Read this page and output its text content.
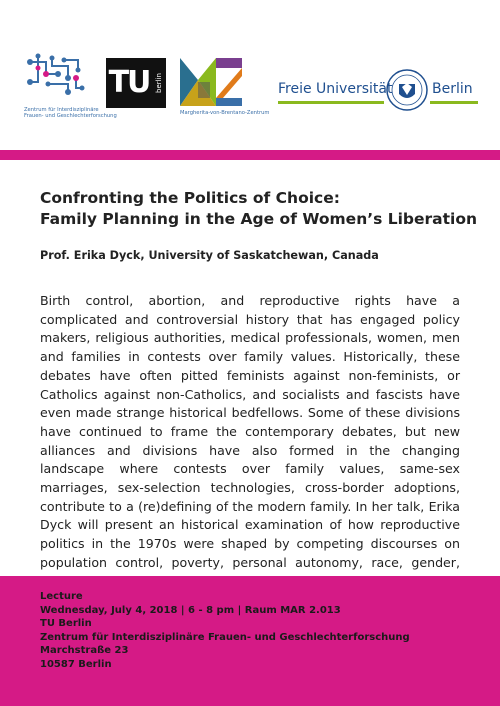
Zentrum für Interdisziplinäre
Frauen- und Geschlechterforschung
TU berlin
Margherita-von-Brentano-Zentrum
Freie Universität	Berlin
Confronting the Politics of Choice:
Family Planning in the Age of Women’s Liberation
Prof. Erika Dyck, University of Saskatchewan, Canada

Birth control, abortion, and reproductive rights have a complicated and controversial history that has engaged policy makers, religious authorities, medical professionals, women, men and families in contests over family values. Historically, these debates have often pitted feminists against non-feminists, or Catholics against non-Catholics, and socialists and fascists have even made strange historical bedfellows. Some of these divisions have continued to frame the contemporary debates, but new alliances and divisions have also formed in the changing landscape where contests over family values, same-sex marriages, sex-selection technologies, cross-border adoptions, contribute to a (re)defining of the modern family. In her talk, Erika Dyck will present an historical examination of how reproductive politics in the 1970s were shaped by competing discourses on population control, poverty, personal autonomy, race, gender,

Lecture
Wednesday, July 4, 2018 | 6 - 8 pm | Raum MAR 2.013
TU Berlin
Zentrum für Interdisziplinäre Frauen- und Geschlechterforschung
Marchstraße 23
10587 Berlin
